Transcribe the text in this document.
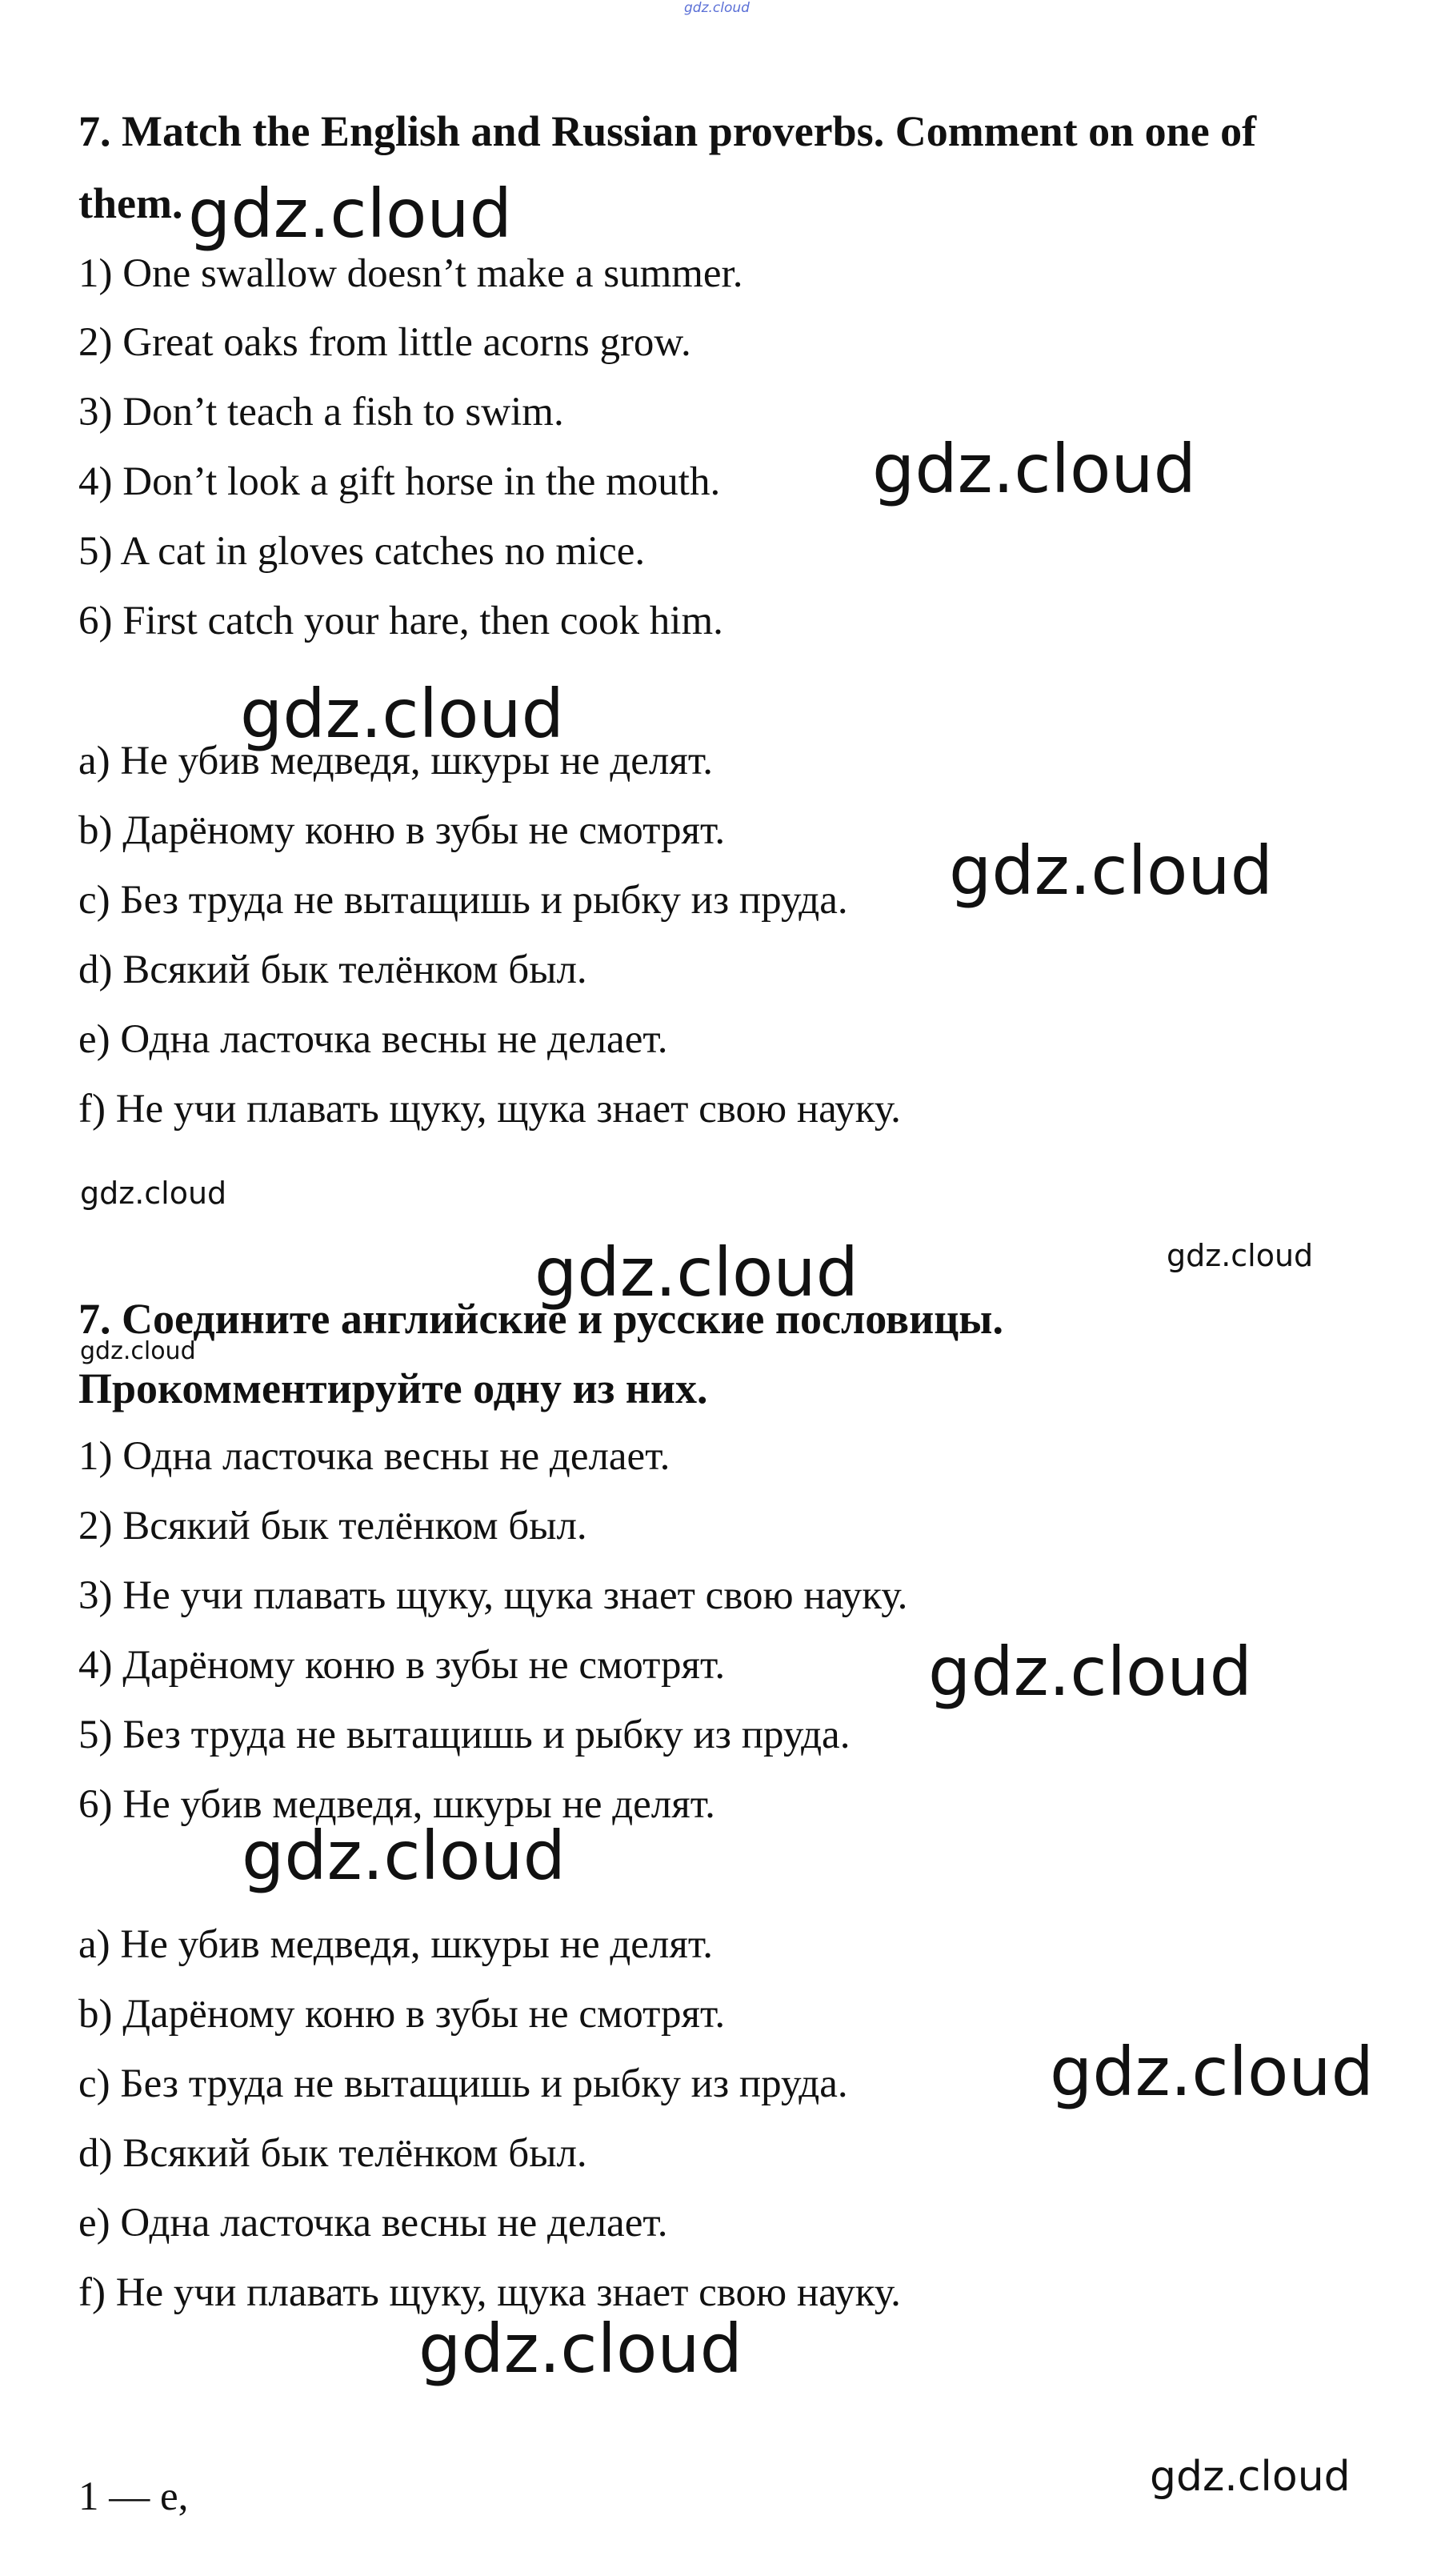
gdz.cloud
7. Match the English and Russian proverbs. Comment on one of
them.
1) One swallow doesn’t make a summer.
2) Great oaks from little acorns grow.
3) Don’t teach a fish to swim.
4) Don’t look a gift horse in the mouth.
5) A cat in gloves catches no mice.
6) First catch your hare, then cook him.
a) Не убив медведя, шкуры не делят.
b) Дарёному коню в зубы не смотрят.
c) Без труда не вытащишь и рыбку из пруда.
d) Всякий бык телёнком был.
e) Одна ласточка весны не делает.
f) Не учи плавать щуку, щука знает свою науку.
7. Соедините английские и русские пословицы.
Прокомментируйте одну из них.
1) Одна ласточка весны не делает.
2) Всякий бык телёнком был.
3) Не учи плавать щуку, щука знает свою науку.
4) Дарёному коню в зубы не смотрят.
5) Без труда не вытащишь и рыбку из пруда.
6) Не убив медведя, шкуры не делят.
a) Не убив медведя, шкуры не делят.
b) Дарёному коню в зубы не смотрят.
c) Без труда не вытащишь и рыбку из пруда.
d) Всякий бык телёнком был.
e) Одна ласточка весны не делает.
f) Не учи плавать щуку, щука знает свою науку.
1 — e,
gdz.cloud
gdz.cloud
gdz.cloud
gdz.cloud
gdz.cloud
gdz.cloud	gdz.cloud
gdz.cloud
gdz.cloud
gdz.cloud
gdz.cloud
gdz.cloud
gdz.cloud
